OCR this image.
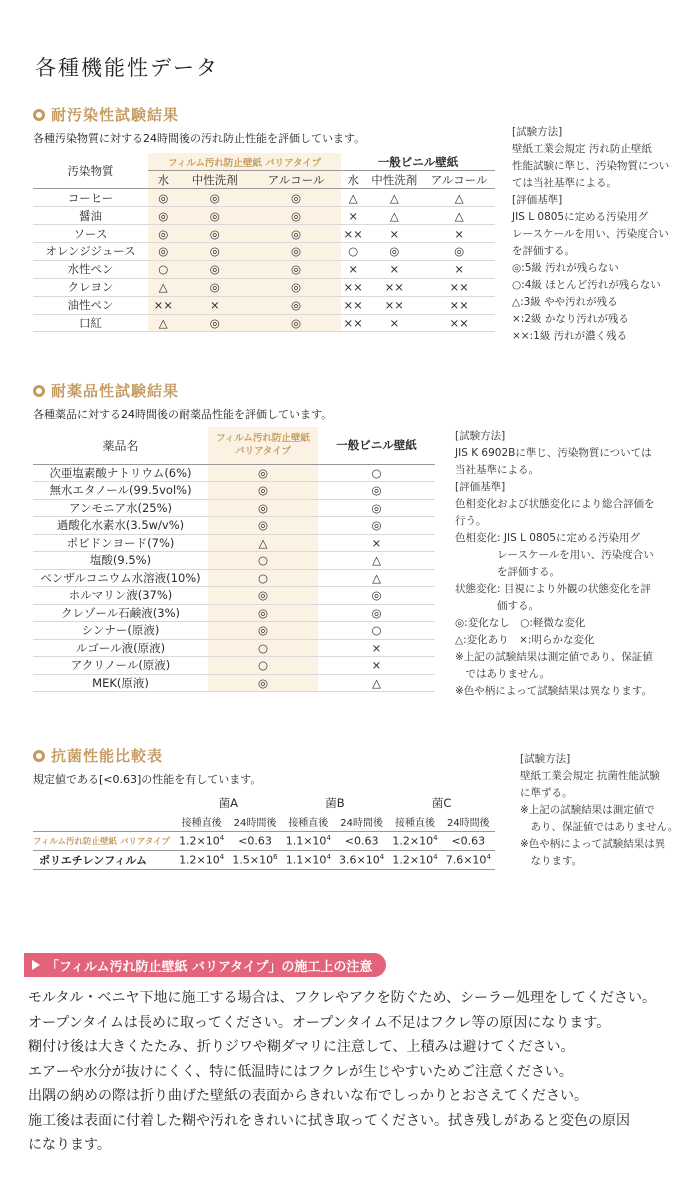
各種機能性データ
耐汚染性試験結果
各種汚染物質に対する24時間後の汚れ防止性能を評価しています。
汚染物質	フィルム汚れ防止壁紙 バリアタイプ			一般ビニル壁紙		
	水	中性洗剤	アルコール	水	中性洗剤	アルコール
コーヒー	◎	◎	◎	△	△	△
醤油	◎	◎	◎	×	△	△
ソース	◎	◎	◎	××	×	×
オレンジジュース	◎	◎	◎	○	◎	◎
水性ペン	○	◎	◎	×	×	×
クレヨン	△	◎	◎	××	××	××
油性ペン	××	×	◎	××	××	××
口紅	△	◎	◎	××	×	××
[試験方法]
壁紙工業会規定 汚れ防止壁紙
性能試験に準じ、汚染物質につい
ては当社基準による。
[評価基準]
JIS L 0805に定める汚染用グ
レースケールを用い、汚染度合い
を評価する。
◎:5級 汚れが残らない
○:4級 ほとんど汚れが残らない
△:3級 やや汚れが残る
×:2級 かなり汚れが残る
××:1級 汚れが濃く残る
耐薬品性試験結果
各種薬品に対する24時間後の耐薬品性能を評価しています。
薬品名	フィルム汚れ防止壁紙
バリアタイプ	一般ビニル壁紙
次亜塩素酸ナトリウム(6%)	◎	○
無水エタノール(99.5vol%)	◎	◎
アンモニア水(25%)	◎	◎
過酸化水素水(3.5w/v%)	◎	◎
ポビドンヨード(7%)	△	×
塩酸(9.5%)	○	△
ベンザルコニウム水溶液(10%)	○	△
ホルマリン液(37%)	◎	◎
クレゾール石鹸液(3%)	◎	◎
シンナー(原液)	◎	○
ルゴール液(原液)	○	×
アクリノール(原液)	○	×
MEK(原液)	◎	△
[試験方法]
JIS K 6902Bに準じ、汚染物質については
当社基準による。
[評価基準]
色相変化および状態変化により総合評価を
行う。
色相変化: JIS L 0805に定める汚染用グ
　　　　レースケールを用い、汚染度合い
　　　　を評価する。
状態変化: 目視により外観の状態変化を評
　　　　価する。
◎:変化なし　○:軽微な変化
△:変化あり　×:明らかな変化
※上記の試験結果は測定値であり、保証値
　ではありません。
※色や柄によって試験結果は異なります。
抗菌性能比較表
規定値である[<0.63]の性能を有しています。
	菌A		菌B		菌C	
	接種直後	24時間後	接種直後	24時間後	接種直後	24時間後
フィルム汚れ防止壁紙 バリアタイプ	$1.2\times 10^4$	<0.63	$1.1\times 10^4$	<0.63	$1.2\times 10^4$	<0.63
ポリエチレンフィルム	$1.2\times 10^4$	$1.5\times 10^6$	$1.1\times 10^4$	$3.6\times 10^4$	$1.2\times 10^4$	$7.6\times 10^4$
[試験方法]
壁紙工業会規定 抗菌性能試験
に準ずる。
※上記の試験結果は測定値で
　あり、保証値ではありません。
※色や柄によって試験結果は異
　なります。
「フィルム汚れ防止壁紙 バリアタイプ」の施工上の注意
モルタル・ベニヤ下地に施工する場合は、フクレやアクを防ぐため、シーラー処理をしてください。
オープンタイムは長めに取ってください。オープンタイム不足はフクレ等の原因になります。
糊付け後は大きくたたみ、折りジワや糊ダマリに注意して、上積みは避けてください。
エアーや水分が抜けにくく、特に低温時にはフクレが生じやすいためご注意ください。
出隅の納めの際は折り曲げた壁紙の表面からきれいな布でしっかりとおさえてください。
施工後は表面に付着した糊や汚れをきれいに拭き取ってください。拭き残しがあると変色の原因
になります。
